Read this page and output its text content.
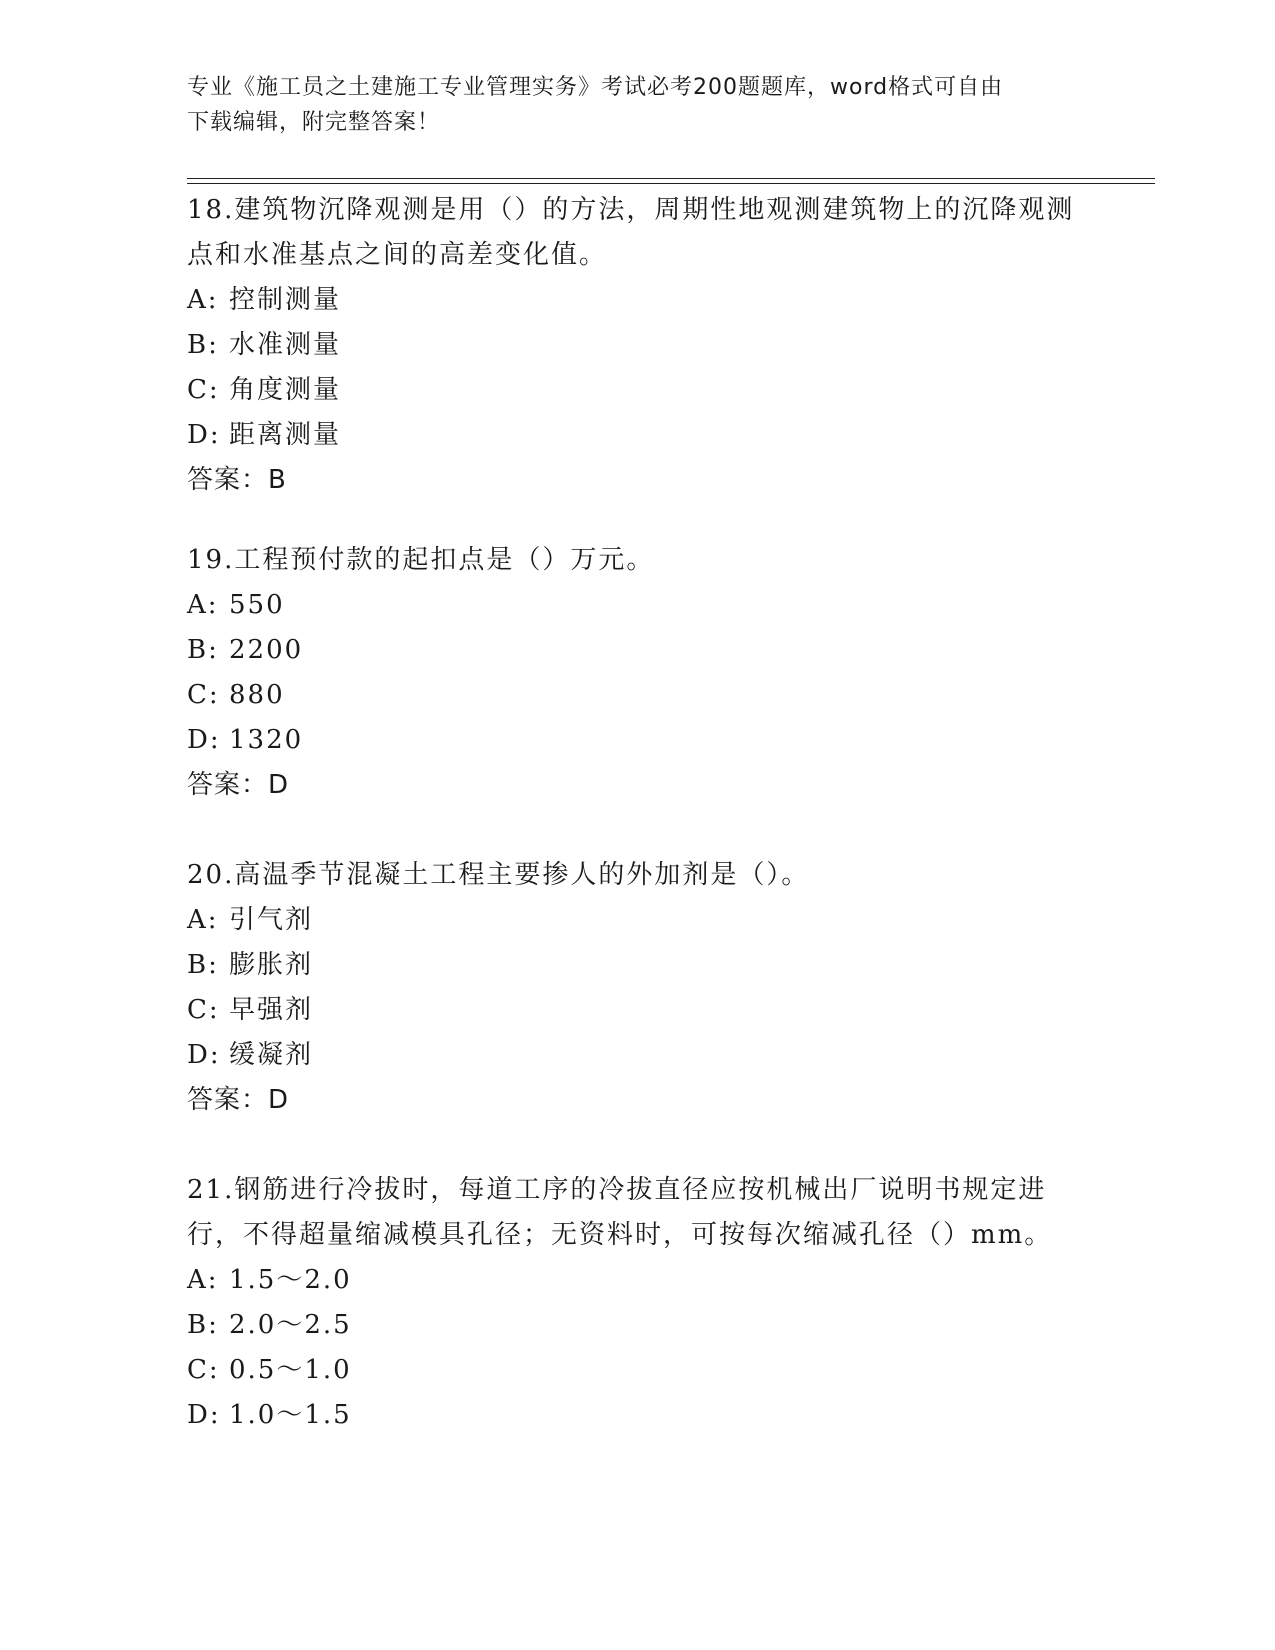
专业《施工员之土建施工专业管理实务》考试必考200题题库，word格式可自由
下载编辑，附完整答案！

18.建筑物沉降观测是用（）的方法，周期性地观测建筑物上的沉降观测点和水准基点之间的高差变化值。

A: 控制测量
B: 水准测量
C: 角度测量
D: 距离测量
答案：B

19.工程预付款的起扣点是（）万元。

A: 550
B: 2200
C: 880
D: 1320
答案：D

20.高温季节混凝土工程主要掺人的外加剂是（）。

A: 引气剂
B: 膨胀剂
C: 早强剂
D: 缓凝剂
答案：D

21.钢筋进行冷拔时，每道工序的冷拔直径应按机械出厂说明书规定进行，不得超量缩减模具孔径；无资料时，可按每次缩减孔径（）mm。

A: 1.5～2.0
B: 2.0～2.5
C: 0.5～1.0
D: 1.0～1.5
